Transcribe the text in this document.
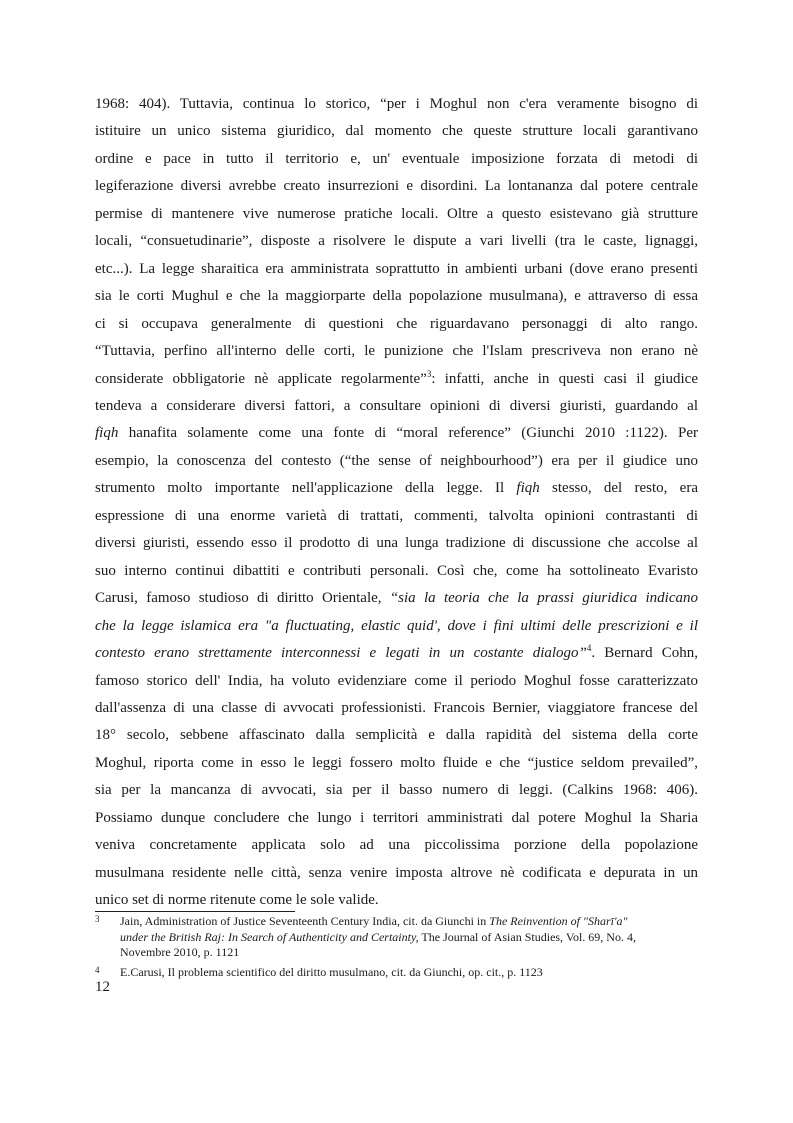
1968: 404). Tuttavia, continua lo storico, “per i Moghul non c'era veramente bisogno di
istituire un unico sistema giuridico, dal momento che queste strutture locali garantivano
ordine e pace in tutto il territorio e, un' eventuale imposizione forzata di metodi di
legiferazione diversi avrebbe creato insurrezioni e disordini. La lontananza dal potere centrale
permise di mantenere vive numerose pratiche locali. Oltre a questo esistevano già strutture
locali, “consuetudinarie”, disposte a risolvere le dispute a vari livelli (tra le caste, lignaggi,
etc...). La legge sharaitica era amministrata soprattutto in ambienti urbani (dove erano presenti
sia le corti Mughul e che la maggiorparte della popolazione musulmana), e attraverso di essa
ci si occupava generalmente di questioni che riguardavano personaggi di alto rango.
“Tuttavia, perfino all'interno delle corti, le punizione che l'Islam prescriveva non erano nè
considerate obbligatorie nè applicate regolarmente”$^3$: infatti, anche in questi casi il giudice
tendeva a considerare diversi fattori, a consultare opinioni di diversi giuristi, guardando al
fiqh hanafita solamente come una fonte di “moral reference” (Giunchi 2010 :1122). Per
esempio, la conoscenza del contesto (“the sense of neighbourhood”) era per il giudice uno
strumento molto importante nell'applicazione della legge. Il fiqh stesso, del resto, era
espressione di una enorme varietà di trattati, commenti, talvolta opinioni contrastanti di
diversi giuristi, essendo esso il prodotto di una lunga tradizione di discussione che accolse al
suo interno continui dibattiti e contributi personali. Così che, come ha sottolineato Evaristo
Carusi, famoso studioso di diritto Orientale, “sia la teoria che la prassi giuridica indicano
che la legge islamica era "a fluctuating, elastic quid', dove i fini ultimi delle prescrizioni e il
contesto erano strettamente interconnessi e legati in un costante dialogo”$^4$. Bernard Cohn,
famoso storico dell' India, ha voluto evidenziare come il periodo Moghul fosse caratterizzato
dall'assenza di una classe di avvocati professionisti. Francois Bernier, viaggiatore francese del
18° secolo, sebbene affascinato dalla semplicità e dalla rapidità del sistema della corte
Moghul, riporta come in esso le leggi fossero molto fluide e che “justice seldom prevailed”,
sia per la mancanza di avvocati, sia per il basso numero di leggi. (Calkins 1968: 406).
Possiamo dunque concludere che lungo i territori amministrati dal potere Moghul la Sharia
veniva concretamente applicata solo ad una piccolissima porzione della popolazione
musulmana residente nelle città, senza venire imposta altrove nè codificata e depurata in un
unico set di norme ritenute come le sole valide.
3 Jain, Administration of Justice Seventeenth Century India, cit. da Giunchi in The Reinvention of "Sharī'a"
under the British Raj: In Search of Authenticity and Certainty, The Journal of Asian Studies, Vol. 69, No. 4,
Novembre 2010, p. 1121
4 E.Carusi, Il problema scientifico del diritto musulmano, cit. da Giunchi, op. cit., p. 1123
12
